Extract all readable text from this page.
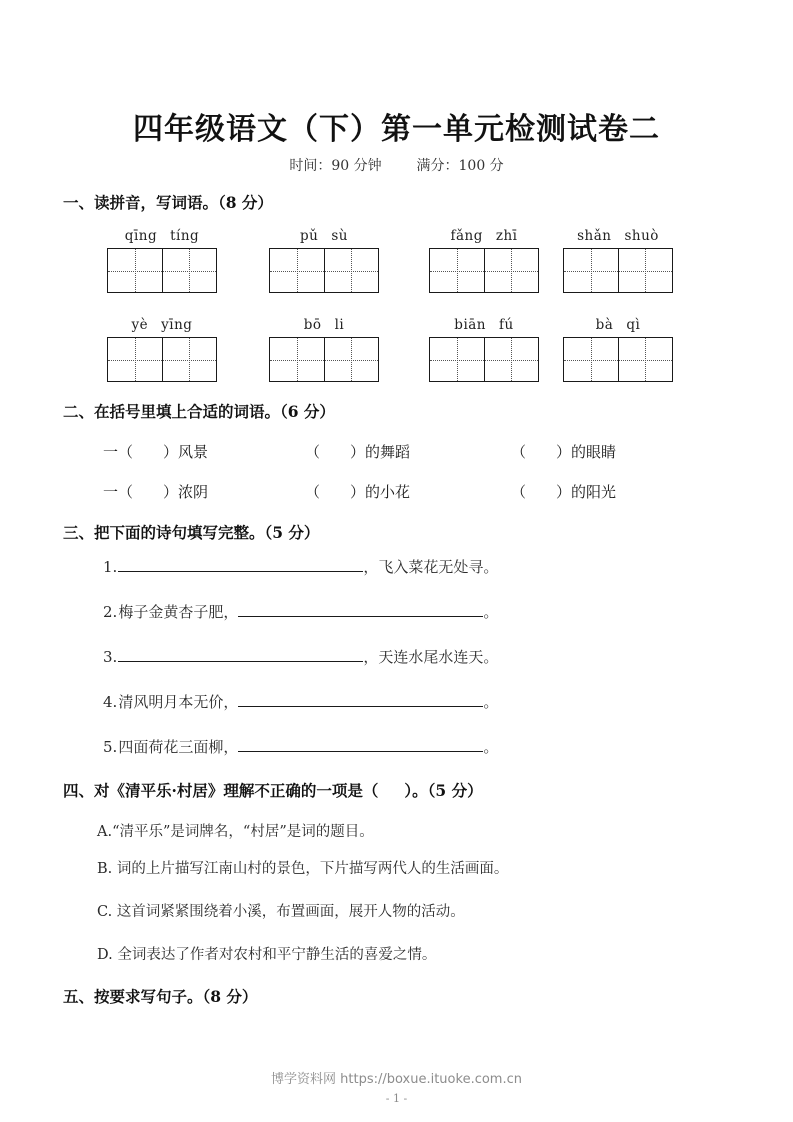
四年级语文（下）第一单元检测试卷二
时间：90 分钟 满分：100 分
一、读拼音，写词语。（8 分）
qīng tíng	pǔ sù	fǎng zhī	shǎn shuò
yè yīng	bō li	biān fú	bà qì
二、在括号里填上合适的词语。（6 分）
一（ ）风景	（ ）的舞蹈	（ ）的眼睛
一（ ）浓阴	（ ）的小花	（ ）的阳光
三、把下面的诗句填写完整。（5 分）
1.	，飞入菜花无处寻。
2. 梅子金黄杏子肥，	。
3.	，天连水尾水连天。
4. 清风明月本无价，	。
5. 四面荷花三面柳，	。
四、对《清平乐·村居》理解不正确的一项是（ ）。（5 分）
A.“清平乐”是词牌名，“村居”是词的题目。
B. 词的上片描写江南山村的景色，下片描写两代人的生活画面。
C. 这首词紧紧围绕着小溪，布置画面，展开人物的活动。
D. 全词表达了作者对农村和平宁静生活的喜爱之情。
五、按要求写句子。（8 分）
博学资料网 https://boxue.ituoke.com.cn
- 1 -
